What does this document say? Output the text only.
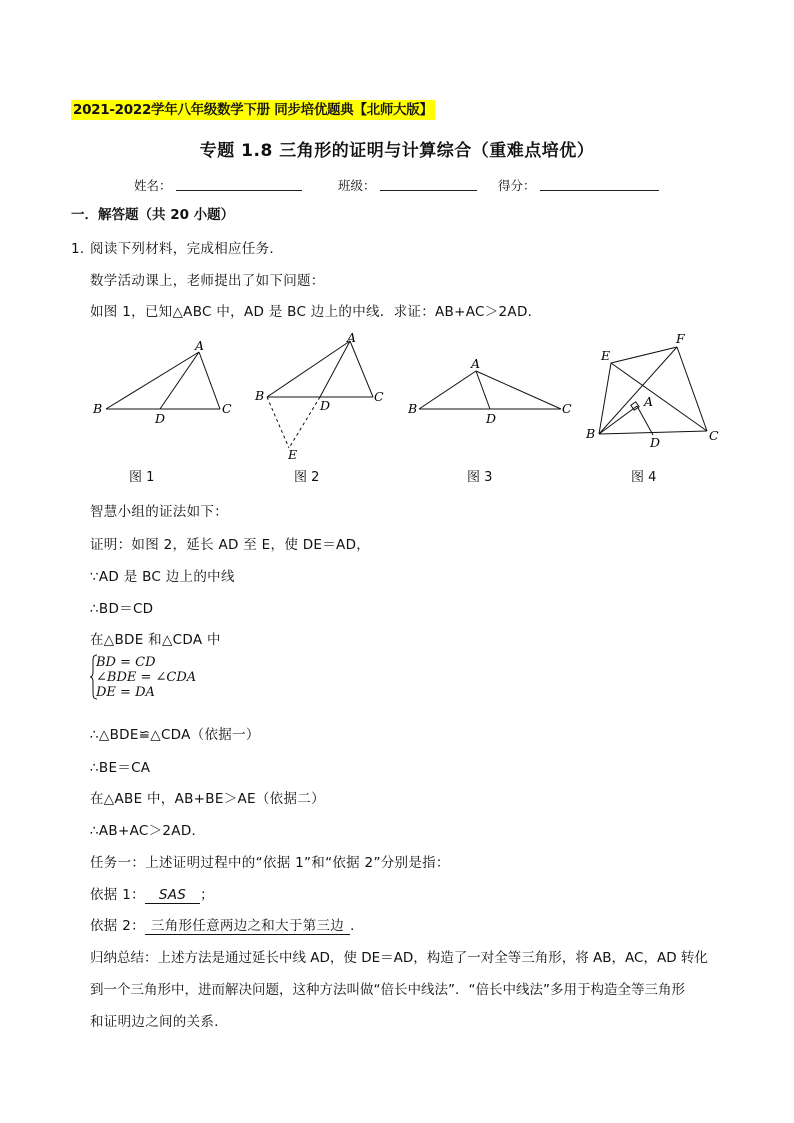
2021-2022学年八年级数学下册 同步培优题典【北师大版】
专题 1.8 三角形的证明与计算综合（重难点培优）
姓名：	班级：	得分：
一．解答题（共 20 小题）
1．
阅读下列材料，完成相应任务．
数学活动课上，老师提出了如下问题：
如图 1，已知△ABC 中，AD 是 BC 边上的中线．求证：AB+AC＞2AD．
A
B	C
D
A
B	C
D
E
A
B	C
D
A
B	C
D
E
F
图 1	图 2	图 3	图 4
智慧小组的证法如下：
证明：如图 2，延长 AD 至 E，使 DE＝AD，
∵AD 是 BC 边上的中线
∴BD＝CD
在△BDE 和△CDA 中
BD = CD
∠BDE = ∠CDA
DE = DA
∴△BDE≌△CDA（依据一）
∴BE＝CA
在△ABE 中，AB+BE＞AE（依据二）
∴AB+AC＞2AD．
任务一：上述证明过程中的“依据 1”和“依据 2”分别是指：
依据 1： SAS ；
依据 2： 三角形任意两边之和大于第三边 ．
归纳总结：上述方法是通过延长中线 AD，使 DE＝AD，构造了一对全等三角形，将 AB，AC，AD 转化
到一个三角形中，进而解决问题，这种方法叫做“倍长中线法”．“倍长中线法”多用于构造全等三角形
和证明边之间的关系．
